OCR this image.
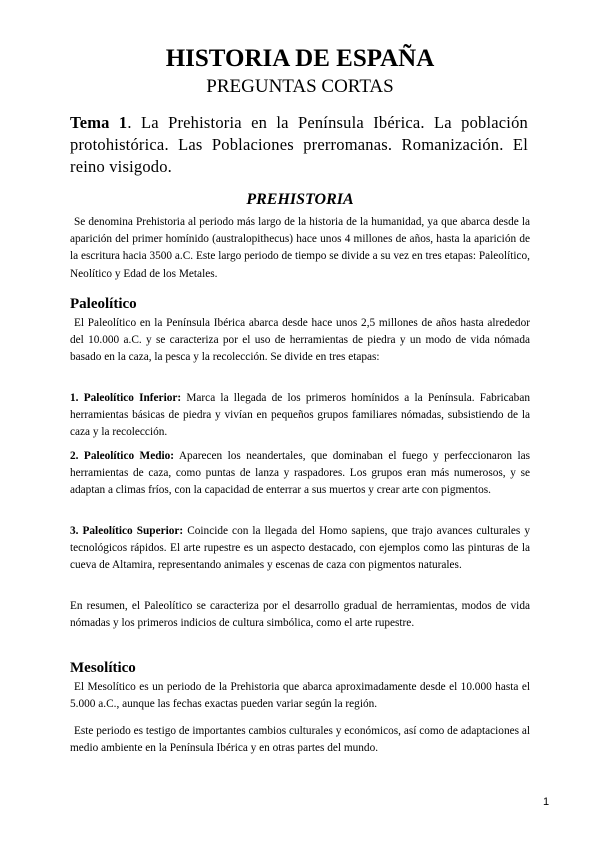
HISTORIA DE ESPAÑA
PREGUNTAS CORTAS
Tema 1. La Prehistoria en la Península Ibérica. La población protohistórica. Las Poblaciones prerromanas. Romanización. El reino visigodo.
PREHISTORIA
Se denomina Prehistoria al periodo más largo de la historia de la humanidad, ya que abarca desde la aparición del primer homínido (australopithecus) hace unos 4 millones de años, hasta la aparición de la escritura hacia 3500 a.C. Este largo periodo de tiempo se divide a su vez en tres etapas: Paleolítico, Neolítico y Edad de los Metales.
Paleolítico
El Paleolítico en la Península Ibérica abarca desde hace unos 2,5 millones de años hasta alrededor del 10.000 a.C. y se caracteriza por el uso de herramientas de piedra y un modo de vida nómada basado en la caza, la pesca y la recolección. Se divide en tres etapas:
1. Paleolítico Inferior: Marca la llegada de los primeros homínidos a la Península. Fabricaban herramientas básicas de piedra y vivían en pequeños grupos familiares nómadas, subsistiendo de la caza y la recolección.
2. Paleolítico Medio: Aparecen los neandertales, que dominaban el fuego y perfeccionaron las herramientas de caza, como puntas de lanza y raspadores. Los grupos eran más numerosos, y se adaptan a climas fríos, con la capacidad de enterrar a sus muertos y crear arte con pigmentos.
3. Paleolítico Superior: Coincide con la llegada del Homo sapiens, que trajo avances culturales y tecnológicos rápidos. El arte rupestre es un aspecto destacado, con ejemplos como las pinturas de la cueva de Altamira, representando animales y escenas de caza con pigmentos naturales.
En resumen, el Paleolítico se caracteriza por el desarrollo gradual de herramientas, modos de vida nómadas y los primeros indicios de cultura simbólica, como el arte rupestre.
Mesolítico
El Mesolítico es un periodo de la Prehistoria que abarca aproximadamente desde el 10.000 hasta el 5.000 a.C., aunque las fechas exactas pueden variar según la región.
Este periodo es testigo de importantes cambios culturales y económicos, así como de adaptaciones al medio ambiente en la Península Ibérica y en otras partes del mundo.
1
